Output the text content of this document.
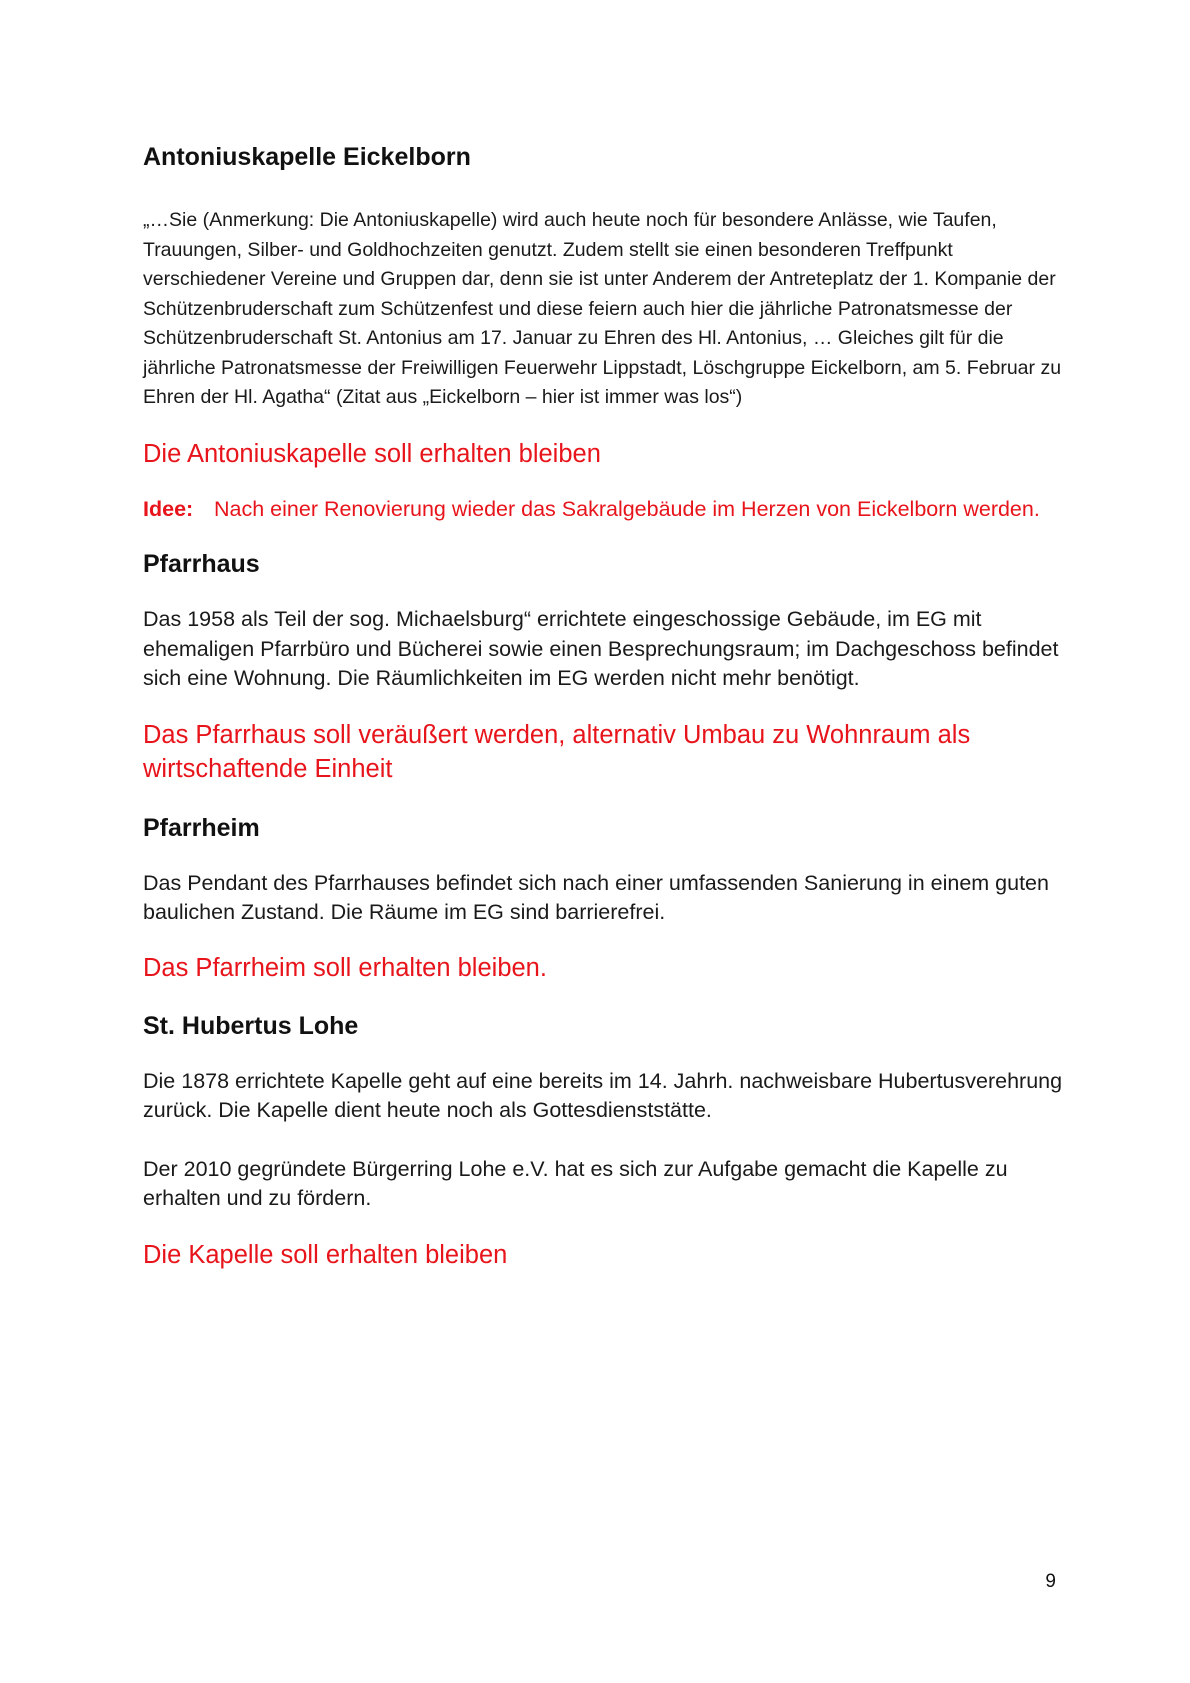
Antoniuskapelle Eickelborn

„…Sie (Anmerkung: Die Antoniuskapelle) wird auch heute noch für besondere Anlässe, wie Taufen, Trauungen, Silber- und Goldhochzeiten genutzt. Zudem stellt sie einen besonderen Treffpunkt verschiedener Vereine und Gruppen dar, denn sie ist unter Anderem der Antreteplatz der 1. Kompanie der Schützenbruderschaft zum Schützenfest und diese feiern auch hier die jährliche Patronatsmesse der Schützenbruderschaft St. Antonius am 17. Januar zu Ehren des Hl. Antonius, … Gleiches gilt für die jährliche Patronatsmesse der Freiwilligen Feuerwehr Lippstadt, Löschgruppe Eickelborn, am 5. Februar zu Ehren der Hl. Agatha“ (Zitat aus „Eickelborn – hier ist immer was los“)

Die Antoniuskapelle soll erhalten bleiben

Idee: Nach einer Renovierung wieder das Sakralgebäude im Herzen von Eickelborn werden.
Pfarrhaus

Das 1958 als Teil der sog. Michaelsburg“ errichtete eingeschossige Gebäude, im EG mit ehemaligen Pfarrbüro und Bücherei sowie einen Besprechungsraum; im Dachgeschoss befindet sich eine Wohnung. Die Räumlichkeiten im EG werden nicht mehr benötigt.

Das Pfarrhaus soll veräußert werden, alternativ Umbau zu Wohnraum als wirtschaftende Einheit

Pfarrheim

Das Pendant des Pfarrhauses befindet sich nach einer umfassenden Sanierung in einem guten baulichen Zustand. Die Räume im EG sind barrierefrei.

Das Pfarrheim soll erhalten bleiben.

St. Hubertus Lohe

Die 1878 errichtete Kapelle geht auf eine bereits im 14. Jahrh. nachweisbare Hubertusverehrung zurück. Die Kapelle dient heute noch als Gottesdienststätte.

Der 2010 gegründete Bürgerring Lohe e.V. hat es sich zur Aufgabe gemacht die Kapelle zu erhalten und zu fördern.

Die Kapelle soll erhalten bleiben

9
